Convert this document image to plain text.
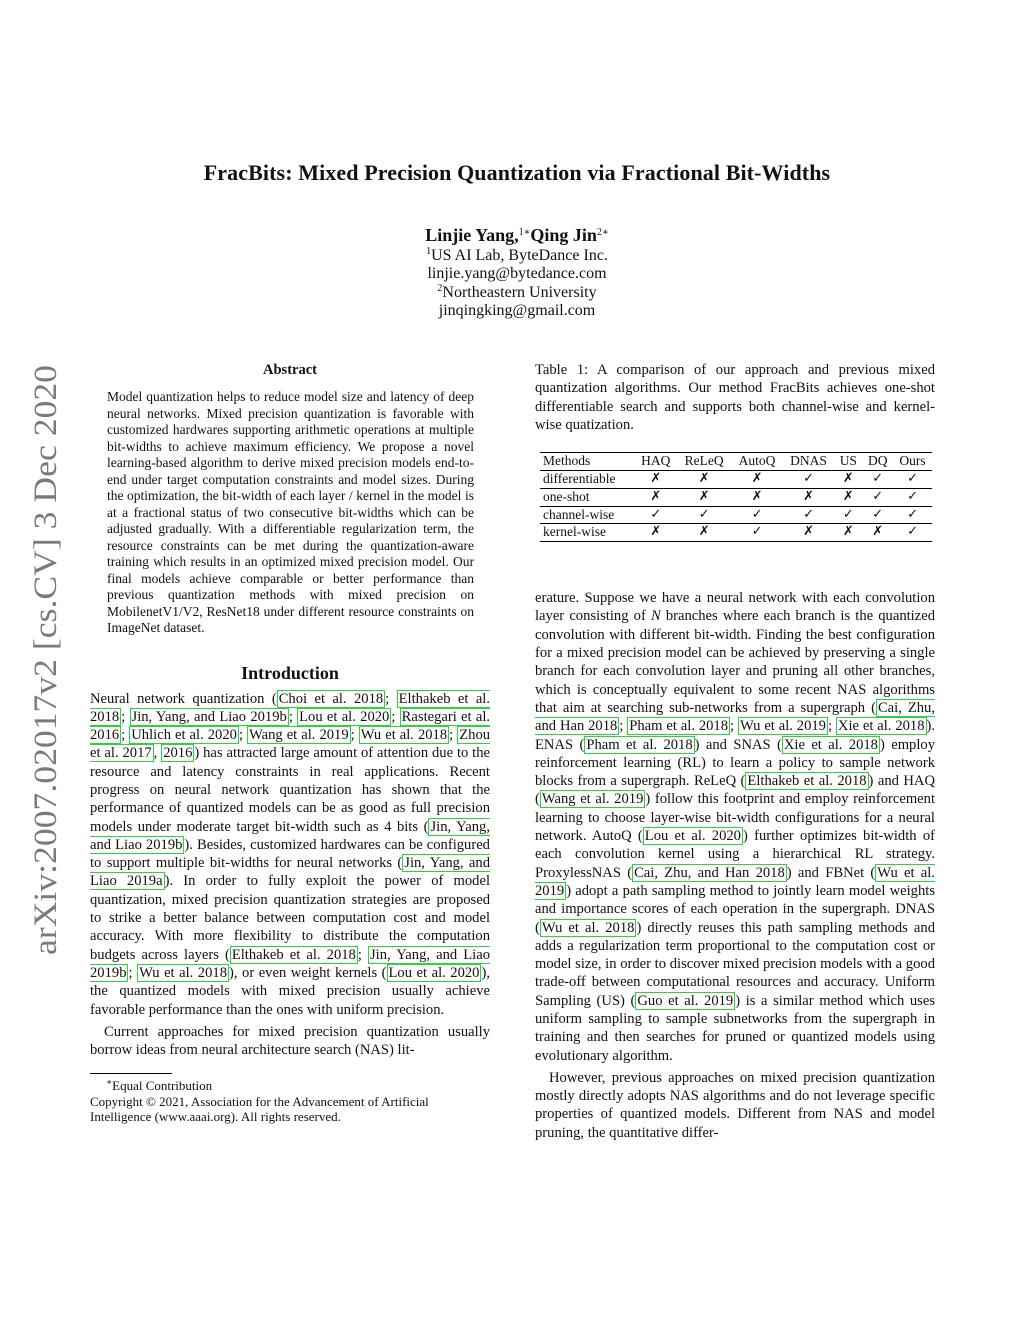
arXiv:2007.02017v2 [cs.CV] 3 Dec 2020
FracBits: Mixed Precision Quantization via Fractional Bit-Widths
Linjie Yang,$^{1∗}$Qing Jin$^{2∗}$
$^1$US AI Lab, ByteDance Inc.
linjie.yang@bytedance.com
$^2$Northeastern University
jinqingking@gmail.com
Abstract
Model quantization helps to reduce model size and latency of deep neural networks. Mixed precision quantization is favorable with customized hardwares supporting arithmetic operations at multiple bit-widths to achieve maximum efficiency. We propose a novel learning-based algorithm to derive mixed precision models end-to-end under target computation constraints and model sizes. During the optimization, the bit-width of each layer / kernel in the model is at a fractional status of two consecutive bit-widths which can be adjusted gradually. With a differentiable regularization term, the resource constraints can be met during the quantization-aware training which results in an optimized mixed precision model. Our final models achieve comparable or better performance than previous quantization methods with mixed precision on MobilenetV1/V2, ResNet18 under different resource constraints on ImageNet dataset.
Introduction

Neural network quantization ( Choi et al. 2018 ; Elthakeb et al. 2018 ; Jin, Yang, and Liao 2019b ; Lou et al. 2020 ; Rastegari et al. 2016 ; Uhlich et al. 2020 ; Wang et al. 2019 ; Wu et al. 2018 ; Zhou et al. 2017 , 2016 ) has attracted large amount of attention due to the resource and latency constraints in real applications. Recent progress on neural network quantization has shown that the performance of quantized models can be as good as full precision models under moderate target bit-width such as 4 bits ( Jin, Yang, and Liao 2019b ). Besides, customized hardwares can be configured to support multiple bit-widths for neural networks ( Jin, Yang, and Liao 2019a ). In order to fully exploit the power of model quantization, mixed precision quantization strategies are proposed to strike a better balance between computation cost and model accuracy. With more flexibility to distribute the computation budgets across layers ( Elthakeb et al. 2018 ; Jin, Yang, and Liao 2019b ; Wu et al. 2018 ), or even weight kernels ( Lou et al. 2020 ), the quantized models with mixed precision usually achieve favorable performance than the ones with uniform precision.

Current approaches for mixed precision quantization usually borrow ideas from neural architecture search (NAS) lit-

∗Equal Contribution
Copyright © 2021, Association for the Advancement of Artificial Intelligence (www.aaai.org). All rights reserved.
Table 1: A comparison of our approach and previous mixed quantization algorithms. Our method FracBits achieves one-shot differentiable search and supports both channel-wise and kernel-wise quatization.
Methods	HAQ	ReLeQ	AutoQ	DNAS	US	DQ	Ours
differentiable	✗	✗	✗	✓	✗	✓	✓
one-shot	✗	✗	✗	✗	✗	✓	✓
channel-wise	✓	✓	✓	✓	✓	✓	✓
kernel-wise	✗	✗	✓	✗	✗	✗	✓

erature. Suppose we have a neural network with each convolution layer consisting of N branches where each branch is the quantized convolution with different bit-width. Finding the best configuration for a mixed precision model can be achieved by preserving a single branch for each convolution layer and pruning all other branches, which is conceptually equivalent to some recent NAS algorithms that aim at searching sub-networks from a supergraph ( Cai, Zhu, and Han 2018 ; Pham et al. 2018 ; Wu et al. 2019 ; Xie et al. 2018 ). ENAS ( Pham et al. 2018 ) and SNAS ( Xie et al. 2018 ) employ reinforcement learning (RL) to learn a policy to sample network blocks from a supergraph. ReLeQ ( Elthakeb et al. 2018 ) and HAQ ( Wang et al. 2019 ) follow this footprint and employ reinforcement learning to choose layer-wise bit-width configurations for a neural network. AutoQ ( Lou et al. 2020 ) further optimizes bit-width of each convolution kernel using a hierarchical RL strategy. ProxylessNAS ( Cai, Zhu, and Han 2018 ) and FBNet ( Wu et al. 2019 ) adopt a path sampling method to jointly learn model weights and importance scores of each operation in the supergraph. DNAS ( Wu et al. 2018 ) directly reuses this path sampling methods and adds a regularization term proportional to the computation cost or model size, in order to discover mixed precision models with a good trade-off between computational resources and accuracy. Uniform Sampling (US) ( Guo et al. 2019 ) is a similar method which uses uniform sampling to sample subnetworks from the supergraph in training and then searches for pruned or quantized models using evolutionary algorithm.

However, previous approaches on mixed precision quantization mostly directly adopts NAS algorithms and do not leverage specific properties of quantized models. Different from NAS and model pruning, the quantitative differ-
